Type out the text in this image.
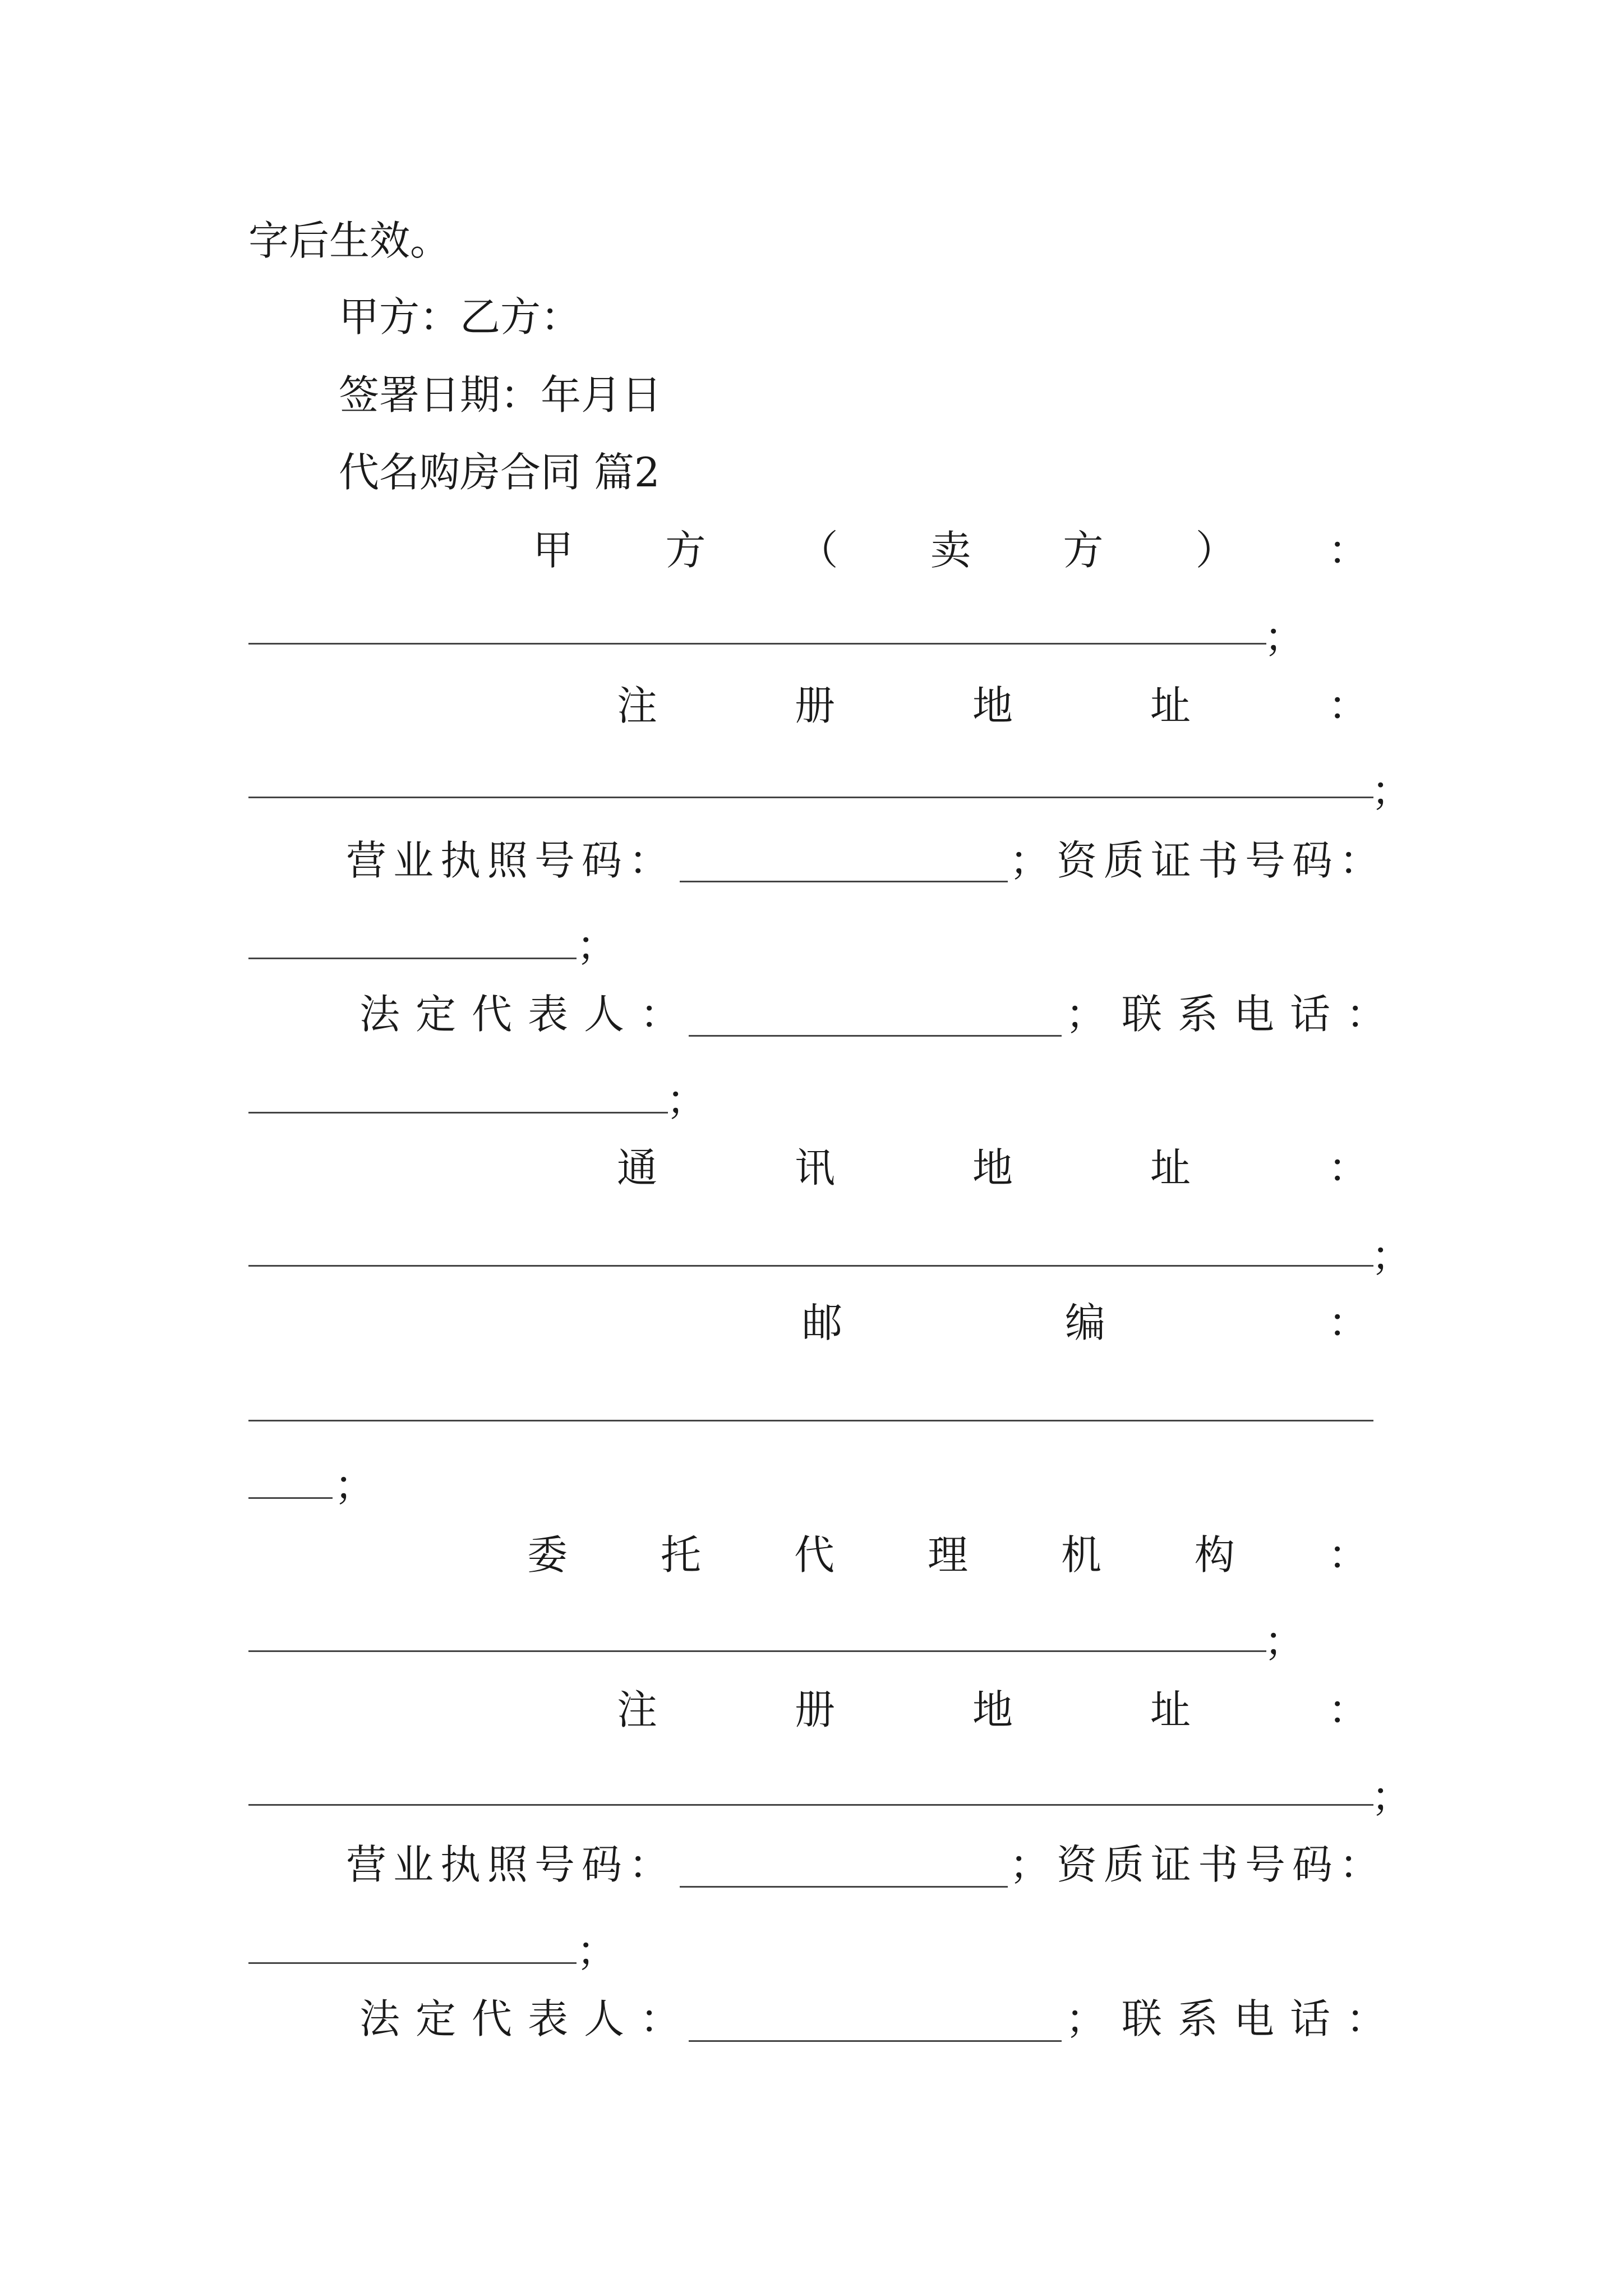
字后生效。
甲方：乙方：
签署日期：年月日
代名购房合同 篇2
甲 方 （ 卖 方 ） ：
；
注	册	地	址	：
；
营业执照号码：	；资质证书号码：
；
法定代表人：	；联系电话：
；
通	讯	地	址	：
；
邮	编	：
；
委 托 代 理 机 构 ：
；
注	册	地	址	：
；
营业执照号码：	；资质证书号码：
；
法定代表人：	；联系电话：
